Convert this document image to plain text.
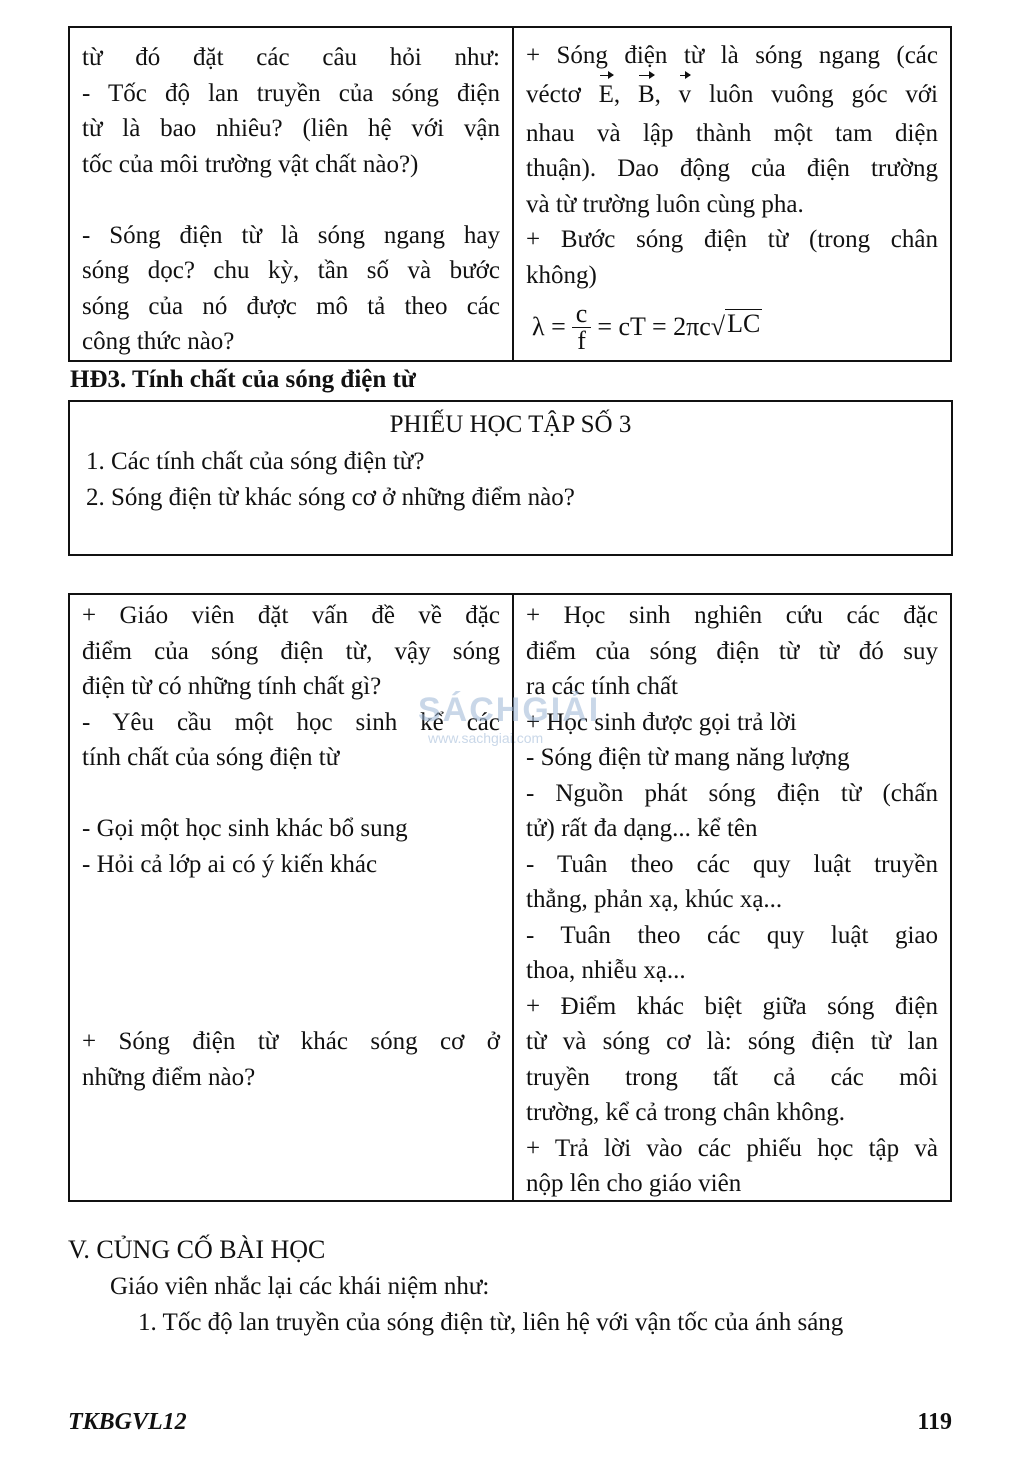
từ đó đặt các câu hỏi như:
- Tốc độ lan truyền của sóng điện
từ là bao nhiêu? (liên hệ với vận
tốc của môi trường vật chất nào?)
- Sóng điện từ là sóng ngang hay
sóng dọc? chu kỳ, tần số và bước
sóng của nó được mô tả theo các
công thức nào?
+ Sóng điện từ là sóng ngang (các
véctơ E, B, v luôn vuông góc với
nhau và lập thành một tam diện
thuận). Dao động của điện trường
và từ trường luôn cùng pha.
+ Bước sóng điện từ (trong chân
không)
$\lambda = \frac{c}{f}$ = cT = 2πc √ LC
HĐ3. Tính chất của sóng điện từ
PHIẾU HỌC TẬP SỐ 3
1. Các tính chất của sóng điện từ?
2. Sóng điện từ khác sóng cơ ở những điểm nào?
+ Giáo viên đặt vấn đề về đặc
điểm của sóng điện từ, vậy sóng
điện từ có những tính chất gì?
- Yêu cầu một học sinh kể các
tính chất của sóng điện từ
- Gọi một học sinh khác bổ sung
- Hỏi cả lớp ai có ý kiến khác
+ Sóng điện từ khác sóng cơ ở
những điểm nào?
+ Học sinh nghiên cứu các đặc
điểm của sóng điện từ từ đó suy
ra các tính chất
+ Học sinh được gọi trả lời
- Sóng điện từ mang năng lượng
- Nguồn phát sóng điện từ (chấn
tử) rất đa dạng... kể tên
- Tuân theo các quy luật truyền
thẳng, phản xạ, khúc xạ...
- Tuân theo các quy luật giao
thoa, nhiễu xạ...
+ Điểm khác biệt giữa sóng điện
từ và sóng cơ là: sóng điện từ lan
truyền trong tất cả các môi
trường, kể cả trong chân không.
+ Trả lời vào các phiếu học tập và
nộp lên cho giáo viên
SÁCHGIẢI
www.sachgiai.com
V. CỦNG CỐ BÀI HỌC
Giáo viên nhắc lại các khái niệm như:
1. Tốc độ lan truyền của sóng điện từ, liên hệ với vận tốc của ánh sáng
TKBGVL12	119
